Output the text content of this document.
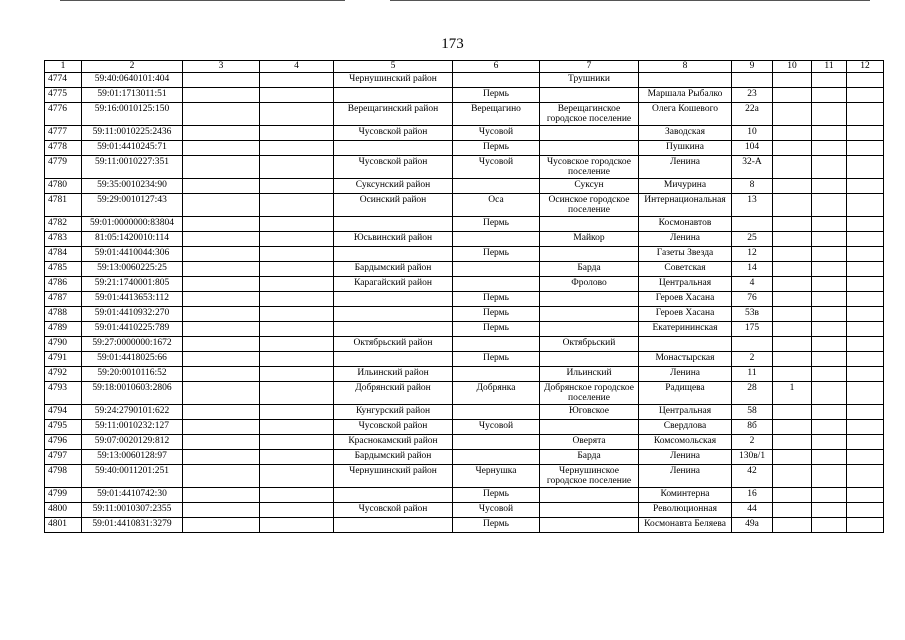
173
1	2	3	4	5	6	7	8	9	10	11	12
4774	59:40:0640101:404			Чернушинский район		Трушники					
4775	59:01:1713011:51				Пермь		Маршала Рыбалко	23			
4776	59:16:0010125:150			Верещагинский район	Верещагино	Верещагинское городское поселение	Олега Кошевого	22а			
4777	59:11:0010225:2436			Чусовской район	Чусовой		Заводская	10			
4778	59:01:4410245:71				Пермь		Пушкина	104			
4779	59:11:0010227:351			Чусовской район	Чусовой	Чусовское городское поселение	Ленина	32-А			
4780	59:35:0010234:90			Суксунский район		Суксун	Мичурина	8			
4781	59:29:0010127:43			Осинский район	Оса	Осинское городское поселение	Интернациональная	13			
4782	59:01:0000000:83804				Пермь		Космонавтов				
4783	81:05:1420010:114			Юсьвинский район		Майкор	Ленина	25			
4784	59:01:4410044:306				Пермь		Газеты Звезда	12			
4785	59:13:0060225:25			Бардымский район		Барда	Советская	14			
4786	59:21:1740001:805			Карагайский район		Фролово	Центральная	4			
4787	59:01:4413653:112				Пермь		Героев Хасана	76			
4788	59:01:4410932:270				Пермь		Героев Хасана	53в			
4789	59:01:4410225:789				Пермь		Екатерининская	175			
4790	59:27:0000000:1672			Октябрьский район		Октябрьский					
4791	59:01:4418025:66				Пермь		Монастырская	2			
4792	59:20:0010116:52			Ильинский район		Ильинский	Ленина	11			
4793	59:18:0010603:2806			Добрянский район	Добрянка	Добрянское городское поселение	Радищева	28	1		
4794	59:24:2790101:622			Кунгурский район		Юговское	Центральная	58			
4795	59:11:0010232:127			Чусовской район	Чусовой		Свердлова	8б			
4796	59:07:0020129:812			Краснокамский район		Оверята	Комсомольская	2			
4797	59:13:0060128:97			Бардымский район		Барда	Ленина	130в/1			
4798	59:40:0011201:251			Чернушинский район	Чернушка	Чернушинское городское поселение	Ленина	42			
4799	59:01:4410742:30				Пермь		Коминтерна	16			
4800	59:11:0010307:2355			Чусовской район	Чусовой		Революционная	44			
4801	59:01:4410831:3279				Пермь		Космонавта Беляева	49а			
